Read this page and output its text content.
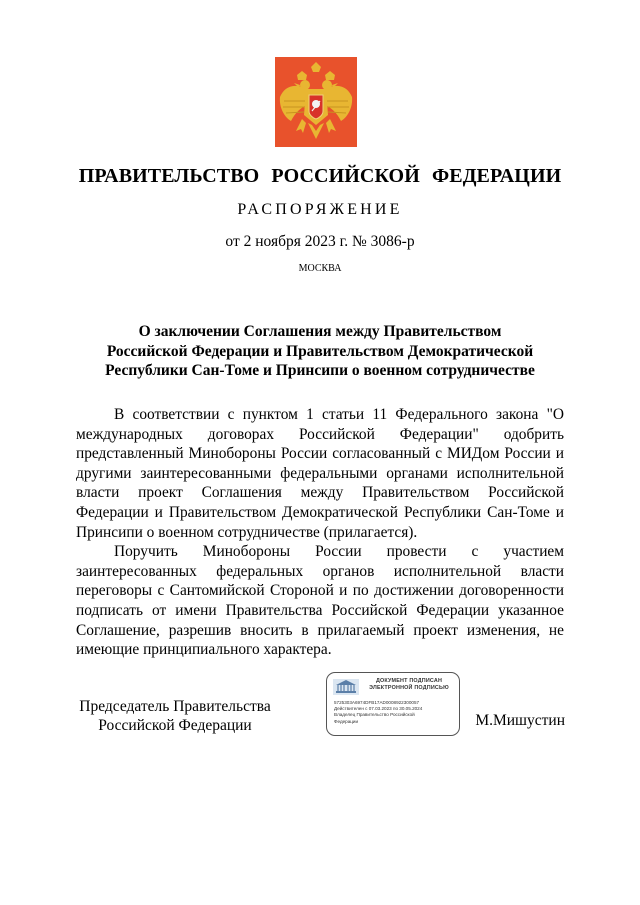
ПРАВИТЕЛЬСТВО РОССИЙСКОЙ ФЕДЕРАЦИИ
РАСПОРЯЖЕНИЕ
от 2 ноября 2023 г. № 3086-р
МОСКВА
О заключении Соглашения между Правительством
Российской Федерации и Правительством Демократической
Республики Сан-Томе и Принсипи о военном сотрудничестве

В соответствии с пунктом 1 статьи 11 Федерального закона "О международных договорах Российской Федерации" одобрить представленный Минобороны России согласованный с МИДом России и другими заинтересованными федеральными органами исполнительной власти проект Соглашения между Правительством Российской Федерации и Правительством Демократической Республики Сан-Томе и Принсипи о военном сотрудничестве (прилагается).

Поручить Минобороны России провести с участием заинтересованных федеральных органов исполнительной власти переговоры с Сантомийской Стороной и по достижении договоренности подписать от имени Правительства Российской Федерации указанное Соглашение, разрешив вносить в прилагаемый проект изменения, не имеющие принципиального характера.

Председатель Правительства
Российской Федерации
ДОКУМЕНТ ПОДПИСАН
ЭЛЕКТРОННОЙ ПОДПИСЬЮ
5725303A6974DFB17AD0008922300057
Действителен с 07.03.2023 по 30.05.2024
Владелец Правительство Российской
Федерации	М.Мишустин
